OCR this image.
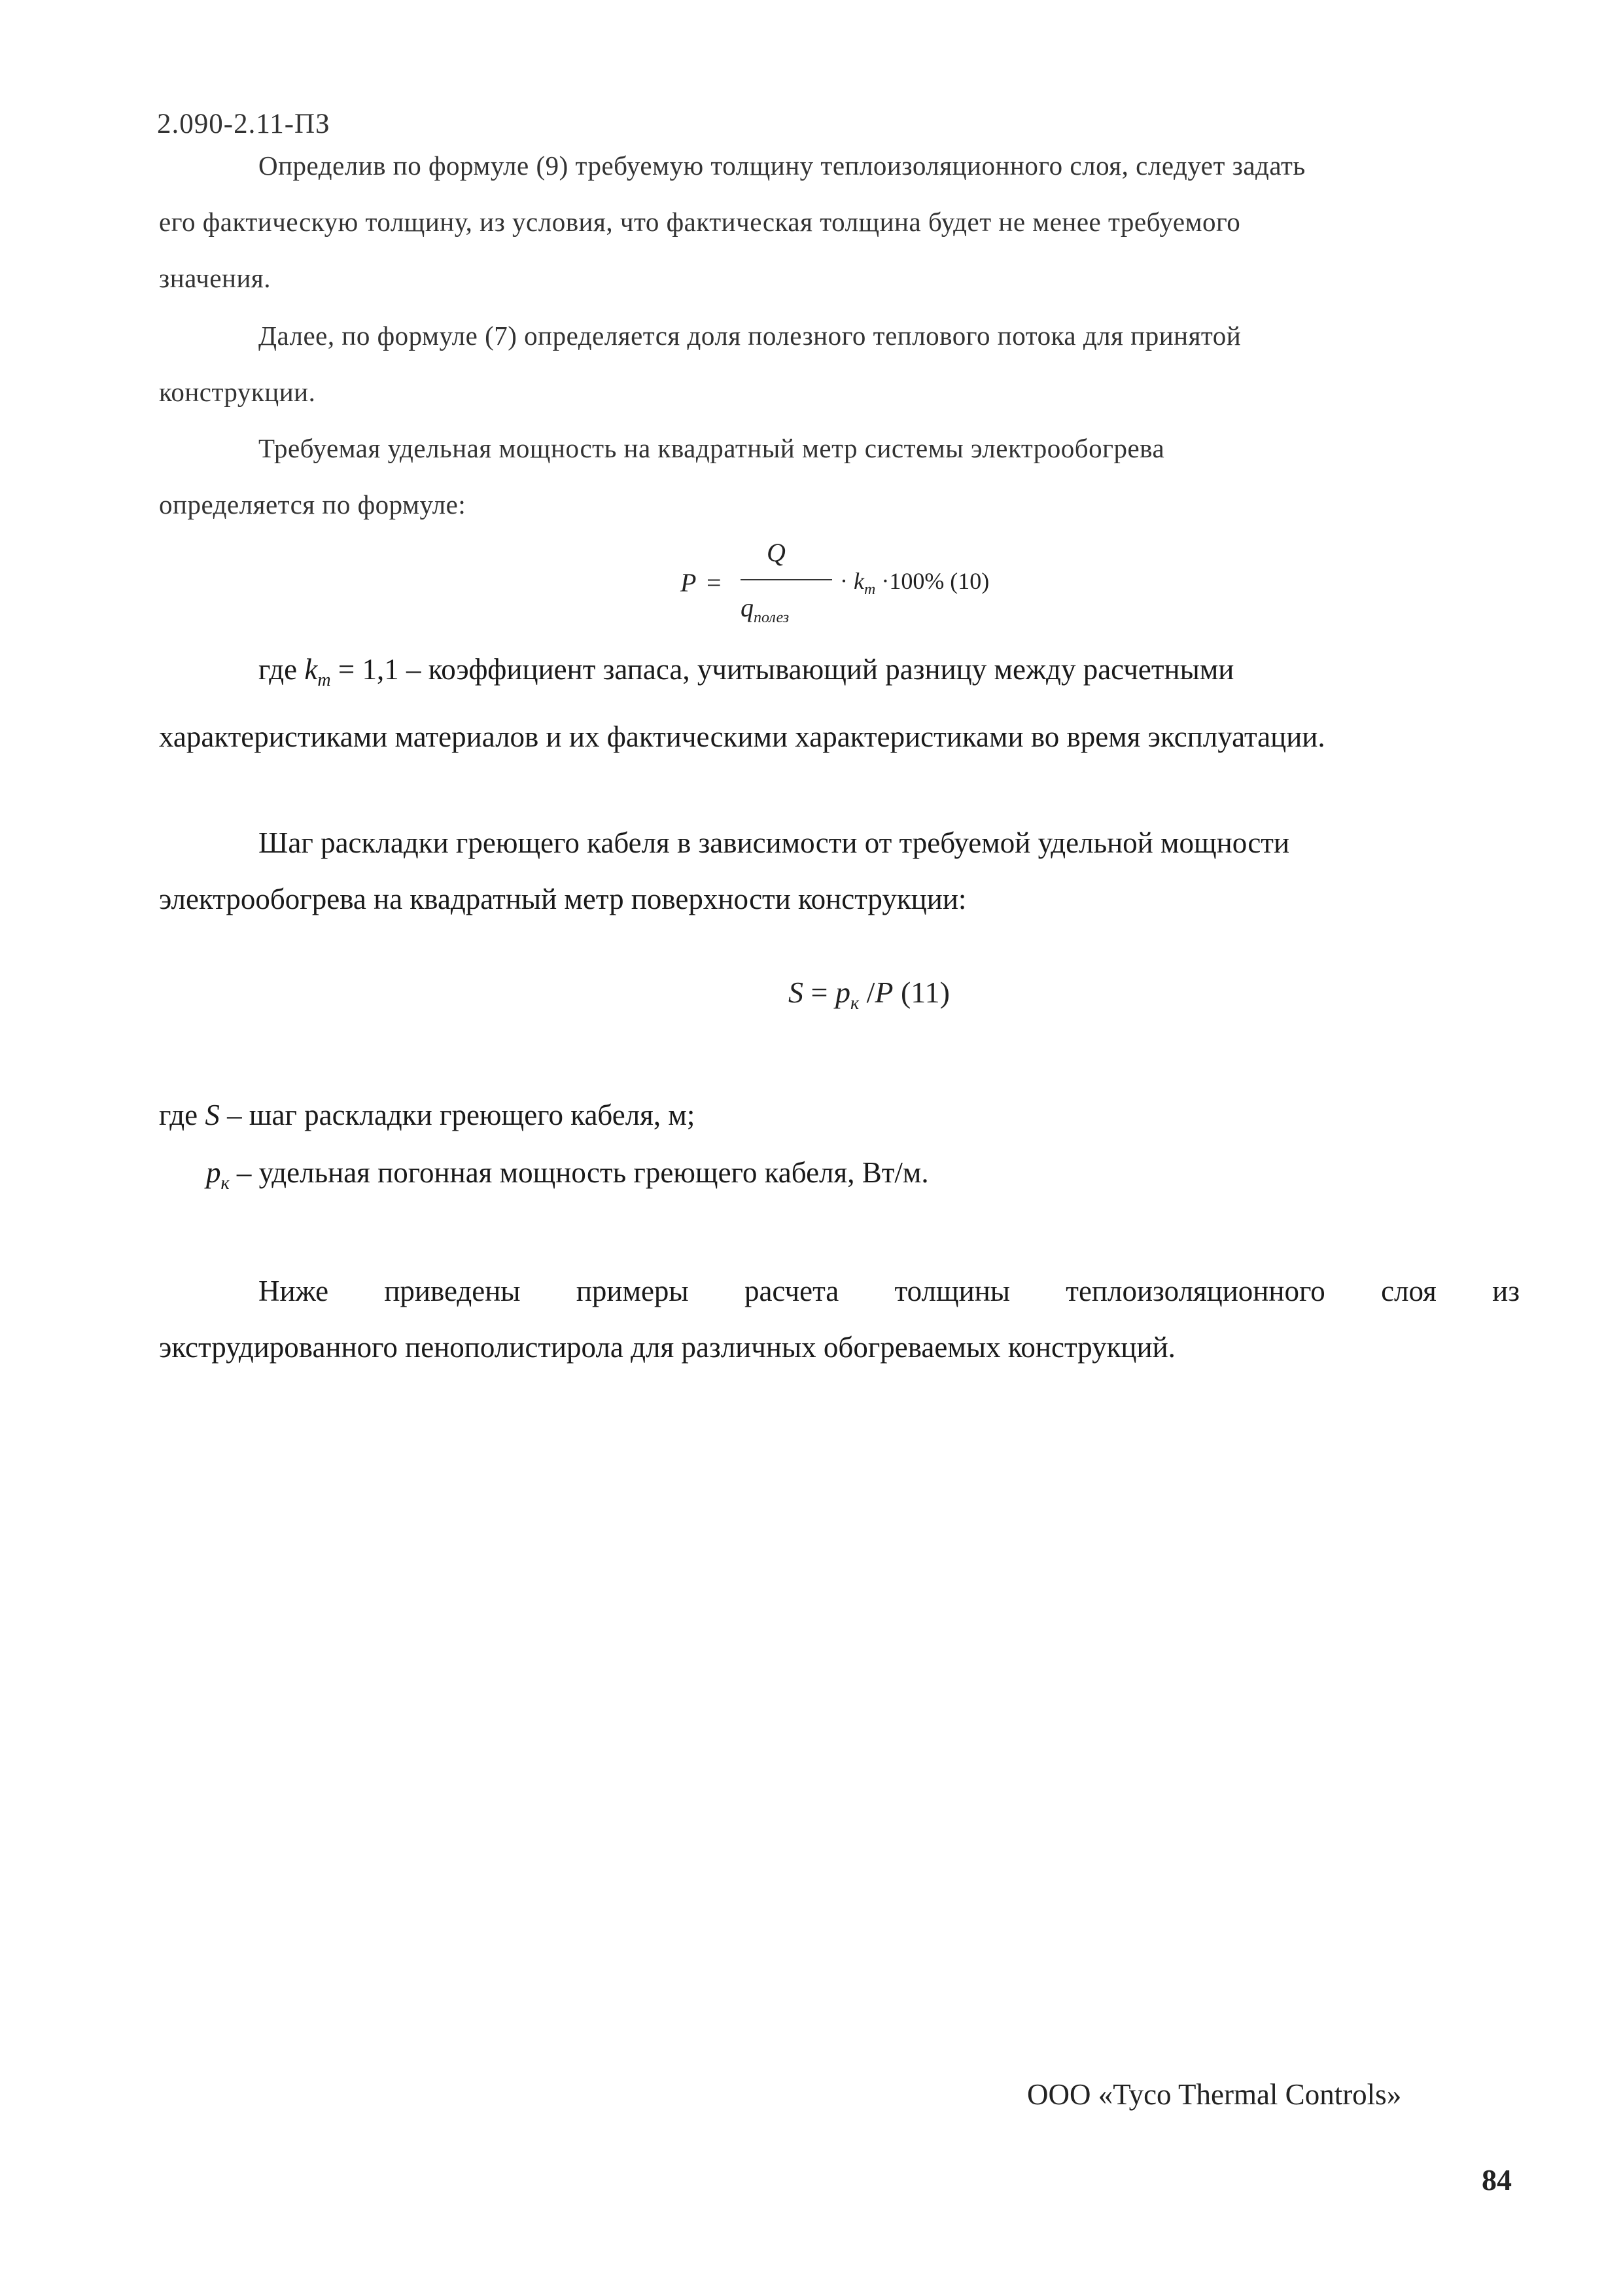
2.090-2.11-ПЗ

Определив по формуле (9) требуемую толщину теплоизоляционного слоя, следует задать
его фактическую толщину, из условия, что фактическая толщина будет не менее требуемого
значения.

Далее, по формуле (7) определяется доля полезного теплового потока для принятой
конструкции.

Требуемая удельная мощность на квадратный метр системы электрообогрева
определяется по формуле:

P =
Q
$q_{полез}$
· $k_m \cdot 100\%$ (10)

где $k_m = 1,1$ – коэффициент запаса, учитывающий разницу между расчетными
характеристиками материалов и их фактическими характеристиками во время эксплуатации.

Шаг раскладки греющего кабеля в зависимости от требуемой удельной мощности
электрообогрева на квадратный метр поверхности конструкции:

$S = p_к$ /P (11)
где S – шаг раскладки греющего кабеля, м;
$p_к$ – удельная погонная мощность греющего кабеля, Вт/м.
Ниже приведены примеры расчета толщины теплоизоляционного слоя из
экструдированного пенополистирола для различных обогреваемых конструкций.
ООО «Tyco Thermal Controls»
84
